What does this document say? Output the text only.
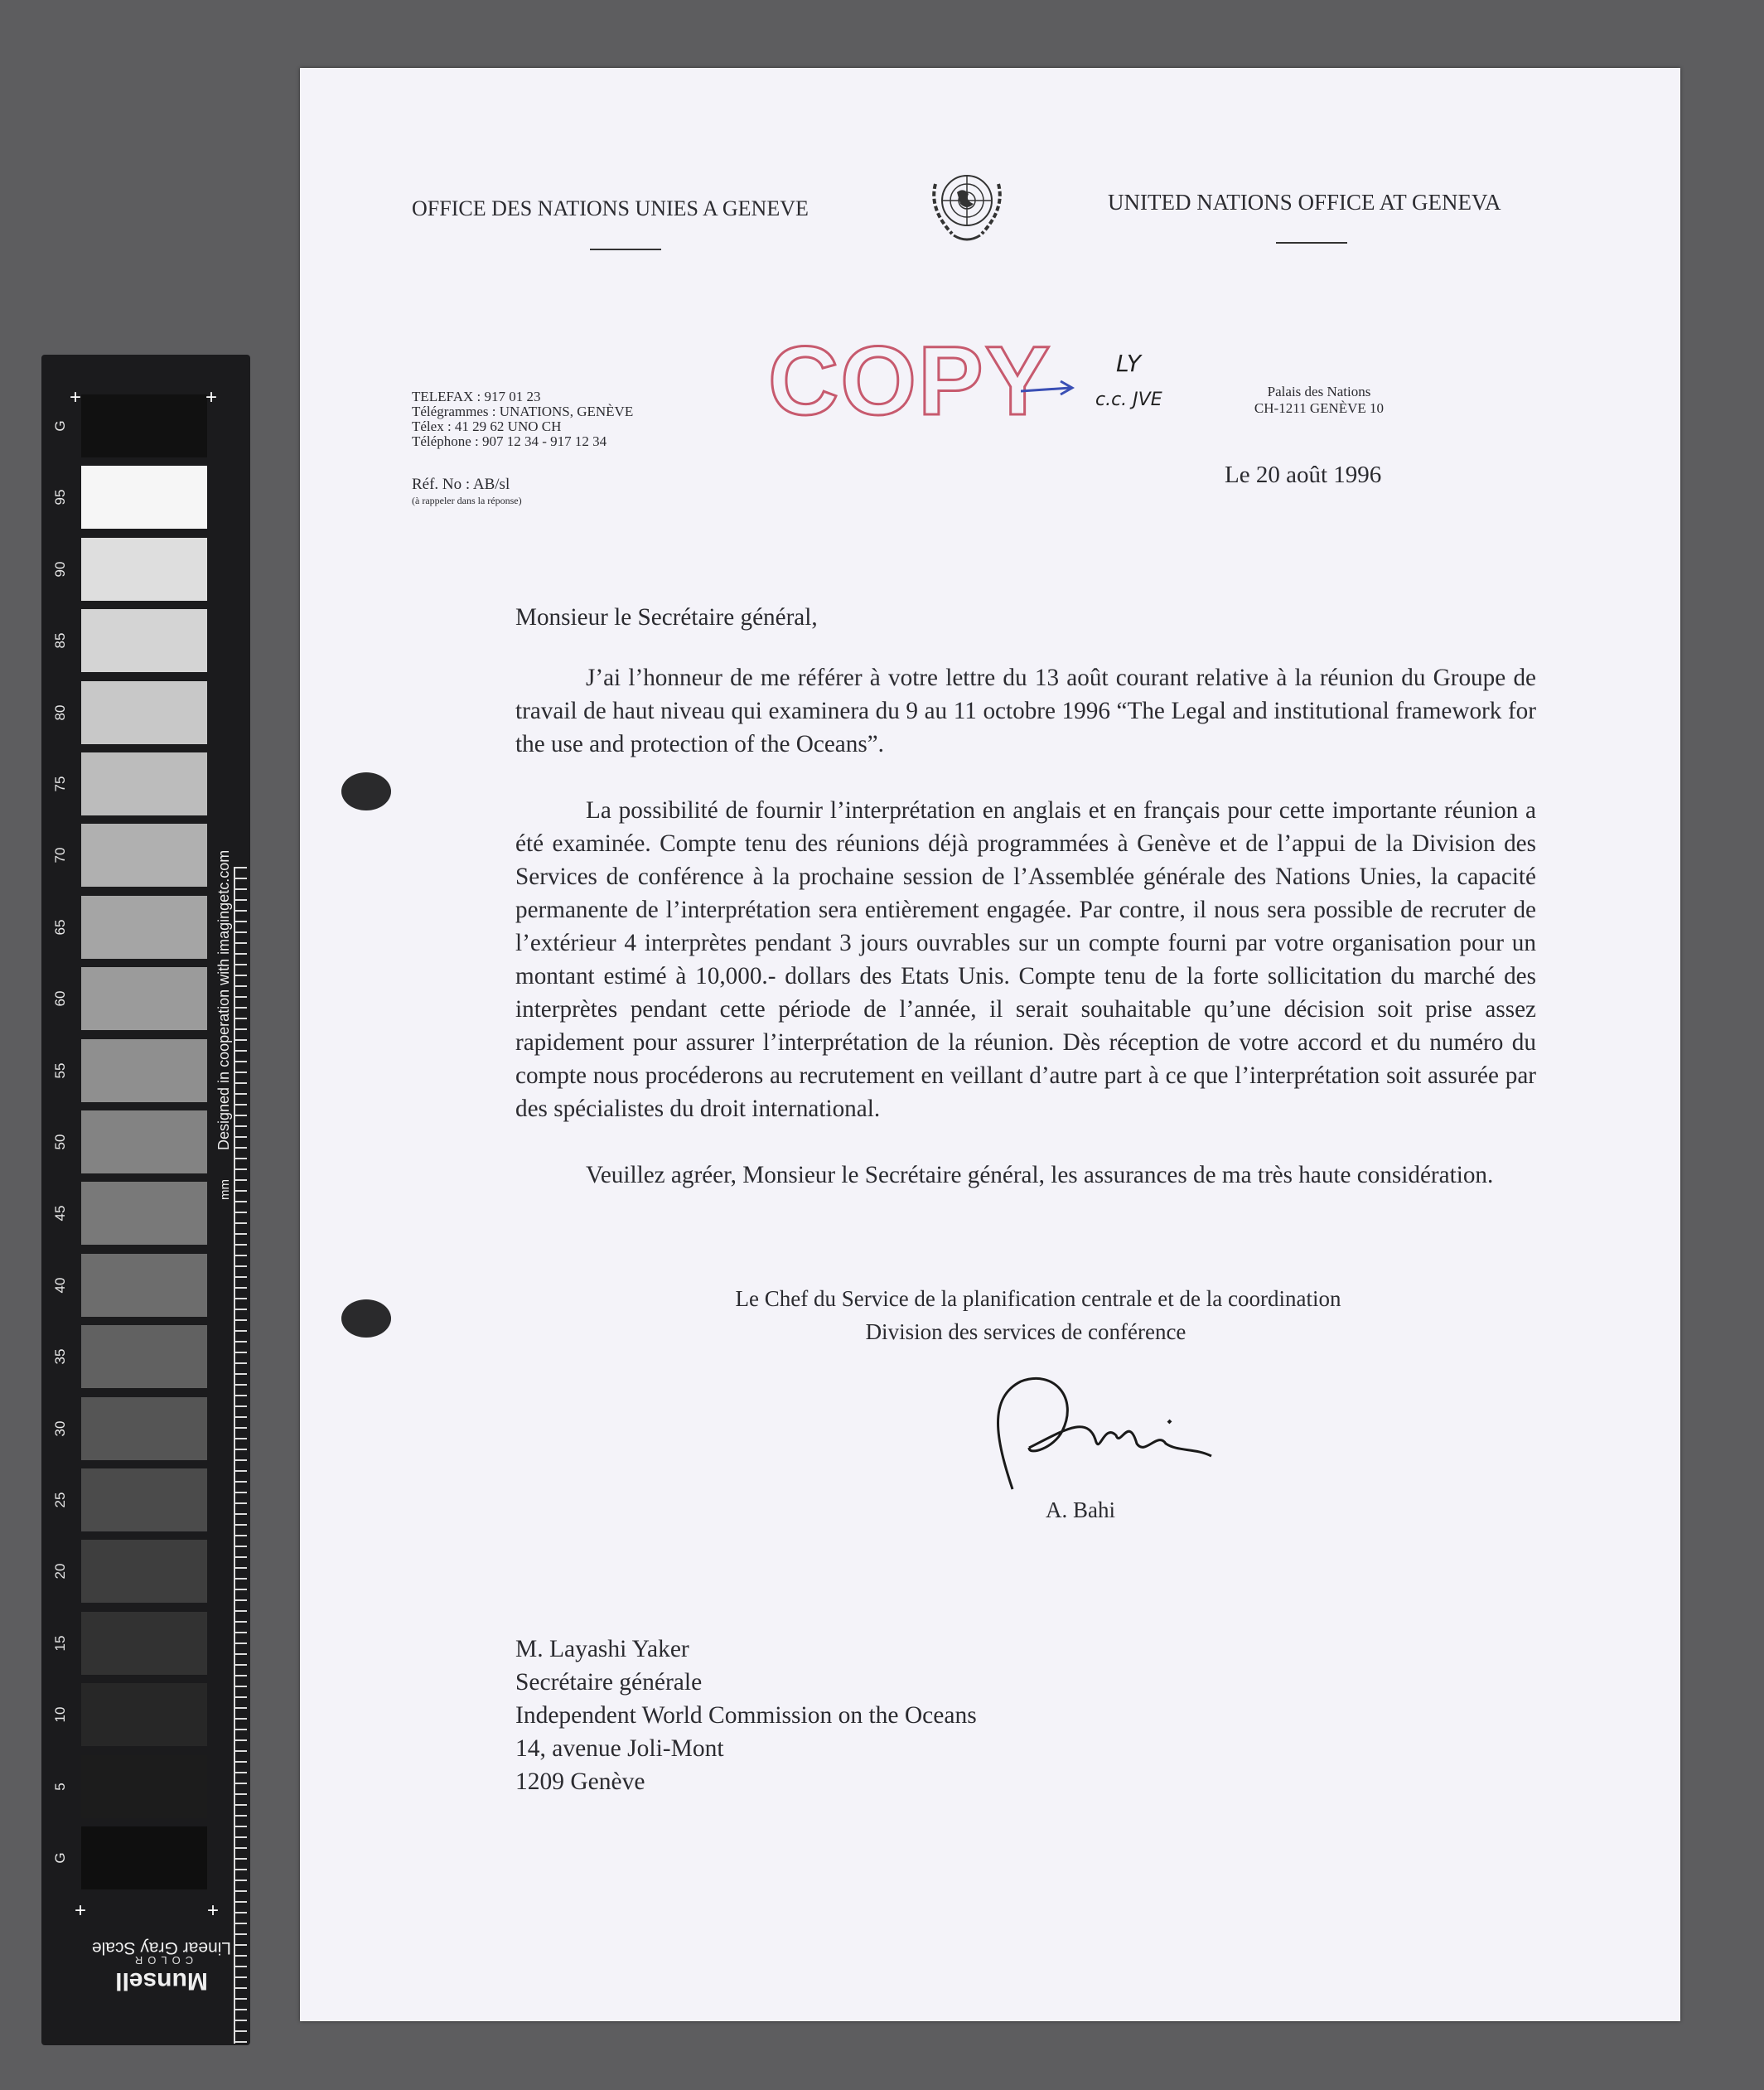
G
95
90
85
80
75
70
65
60
55
50
45
40
35
30
25
20
15
10
5
G
Designed in cooperation with imagingetc.com
mm
+	+
+	+
Linear Gray Scale
COLOR
Munsell
OFFICE DES NATIONS UNIES A GENEVE	UNITED NATIONS OFFICE AT GENEVA
COPY	LY
c.c. JVE
TELEFAX : 917 01 23
Télégrammes : UNATIONS, GENÈVE
Télex : 41 29 62 UNO CH
Téléphone : 907 12 34 - 917 12 34
Réf. No : AB/sl
(à rappeler dans la réponse)
Palais des Nations
CH-1211 GENÈVE 10
Le 20 août 1996

Monsieur le Secrétaire général,

J’ai l’honneur de me référer à votre lettre du 13 août courant relative à la réunion du Groupe de travail de haut niveau qui examinera du 9 au 11 octobre 1996 “The Legal and institutional framework for the use and protection of the Oceans”.

La possibilité de fournir l’interprétation en anglais et en français pour cette importante réunion a été examinée. Compte tenu des réunions déjà programmées à Genève et de l’appui de la Division des Services de conférence à la prochaine session de l’Assemblée générale des Nations Unies, la capacité permanente de l’interprétation sera entièrement engagée. Par contre, il nous sera possible de recruter de l’extérieur 4 interprètes pendant 3 jours ouvrables sur un compte fourni par votre organisation pour un montant estimé à 10,000.- dollars des Etats Unis. Compte tenu de la forte sollicitation du marché des interprètes pendant cette période de l’année, il serait souhaitable qu’une décision soit prise assez rapidement pour assurer l’interprétation de la réunion. Dès réception de votre accord et du numéro du compte nous procéderons au recrutement en veillant d’autre part à ce que l’interprétation soit assurée par des spécialistes du droit international.

Veuillez agréer, Monsieur le Secrétaire général, les assurances de ma très haute considération.

Le Chef du Service de la planification centrale et de la coordination
Division des services de conférence
A. Bahi
M. Layashi Yaker
Secrétaire générale
Independent World Commission on the Oceans
14, avenue Joli-Mont
1209 Genève
